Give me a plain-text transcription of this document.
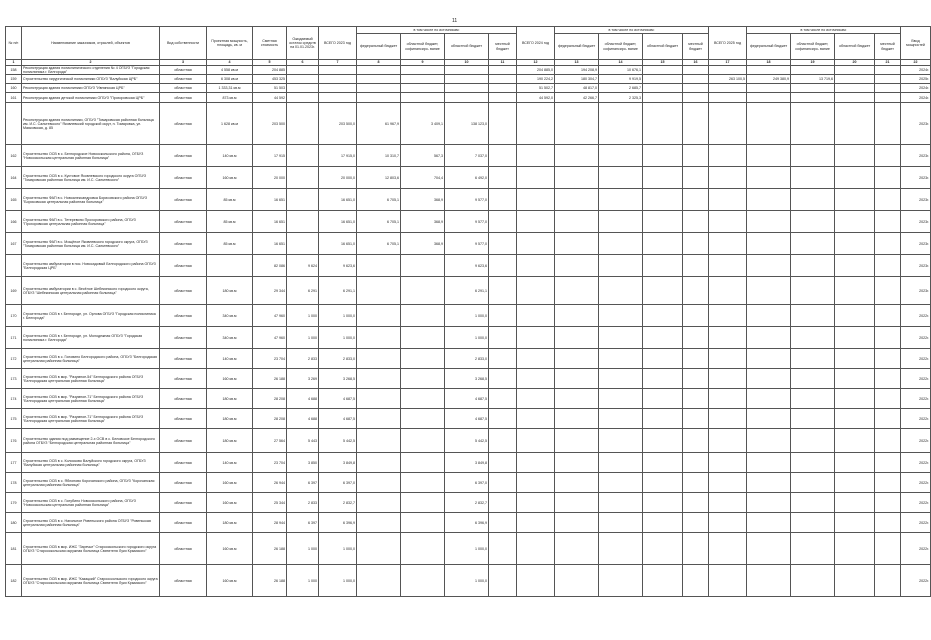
11
№ п/п	Наименование заказчиков, отраслей, объектов	Вид собственности	Проектная мощность, площадь, кв. м	Сметная стоимость	Ожидаемый остаток средств на 01.01.2023г.	ВСЕГО 2023 год	в том числе по источникам:				ВСЕГО 2024 год	в том числе по источникам:				ВСЕГО 2025 год	в том числе по источникам:				Ввод мощностей
							федеральный бюджет	областной бюджет, софинансиро- вание	областной бюджет	местный бюджет		федеральный бюджет	областной бюджет, софинансиро- вание	областной бюджет	местный бюджет		федеральный бюджет	областной бюджет, софинансиро- вание	областной бюджет	местный бюджет	
1	2	3	4	5	6	7	8	9	10	11	12	13	14	15	16	17	18	19	20	21	22
158	Реконструкция здания поликлинического отделения № 4 ОГБУЗ "Городская поликлиника г. Белгорода"	областная	4 558 кв.м	204 885							204 885,0	194 208,9	10 676,1								2024г.
159	Строительство хирургической поликлиники ОГБУЗ "Валуйская ЦРБ"	областная	6 308 кв.м	453 325							190 224,2	180 304,7	9 919,5			263 100,5	249 380,9	13 719,6			2025г.
160	Реконструкция здания поликлиники ОГБУЗ "Ивнянская ЦРБ"	областная	1 333,31 кв.м	51 503							51 502,7	48 817,0	2 685,7								2024г.
161	Реконструкция здания детской поликлиники ОГБУЗ "Прохоровская ЦРБ"	областная	873 кв.м	44 592							44 592,0	42 266,7	2 325,3								2024г.
	Реконструкция здания поликлиники, ОГБУЗ "Томаровская районная больница им. И.С. Сальтевского" Яковлевский городской округ, п. Томаровка, ул. Маяковская, д. 85	областная	1 628 кв.м	203 500		203 500,0	61 967,9	3 409,1	138 123,0												2023г.
162	Строительство ОСВ в с. Белгородское Новооскольского района, ОГБУЗ "Новооскольская центральная районная больница"	областная	140 кв.м	17 915		17 915,0	10 310,7	567,3	7 037,0												2023г.
164	Строительство ОСВ в с. Кустовое Яковлевского городского округа ОГБУЗ "Томаровская районная больница им. И.С. Сальтевского"	областная	160 кв.м	20 000		20 000,0	12 803,6	704,4	6 492,0												2023г.
165	Строительство ФАП в с. Новоалександровка Борисовского района ОГБУЗ "Борисовская центральная районная больница"	областная	85 кв.м	16 651		16 651,0	6 705,1	368,9	9 577,0												2023г.
166	Строительство ФАП в с. Тетеревино Прохоровского района, ОГБУЗ "Прохоровская центральная районная больница"	областная	85 кв.м	16 651		16 651,0	6 705,1	368,9	9 577,0												2023г.
167	Строительство ФАП в с. Мощёное Яковлевского городского округа, ОГБУЗ "Томаровская районная больница им. И.С. Сальтевского"	областная	85 кв.м	16 651		16 651,0	6 705,1	368,9	9 577,0												2023г.
	Строительство амбулатории в пос. Новосадовый Белгородского района ОГБУЗ "Белгородская ЦРБ"	областная		82 086	9 624	9 623,6			9 623,6												2023г.
169	Строительство амбулатории в с. Весёлое Шебекинского городского округа, ОГБУЗ "Шебекинская центральная районная больница"	областная	180 кв.м	29 344	6 291	6 291,1			6 291,1												2023г.
170	Строительство ОСВ в г. Белгороде, ул. Орлова ОГБУЗ "Городская поликлиника г. Белгорода"	областная	340 кв.м	47 960	1 000	1 000,0			1 000,0												2022г.
171	Строительство ОСВ в г. Белгороде, ул. Молодежная ОГБУЗ "Городская поликлиника г. Белгорода"	областная	340 кв.м	47 960	1 000	1 000,0			1 000,0												2022г.
172	Строительство ОСВ в с. Головино Белгородского района, ОГБУЗ "Белгородская центральная районная больница"	областная	140 кв.м	23 704	2 833	2 833,0			2 833,0												2022г.
173	Строительство ОСВ в мкр. "Разумное-54" Белгородского района ОГБУЗ "Белгородская центральная районная больница"	областная	160 кв.м	26 188	3 269	3 268,5			3 268,5												2022г.
174	Строительство ОСВ в мкр. "Разумное-71" Белгородского района ОГБУЗ "Белгородская центральная районная больница"	областная	180 кв.м	28 208	4 688	4 687,5			4 687,5												2022г.
175	Строительство ОСВ в мкр. "Разумное-71" Белгородского района ОГБУЗ "Белгородская центральная районная больница"	областная	180 кв.м	28 208	4 688	4 687,5			4 687,5												2022г.
176	Строительство здания под размещение 2-х ОСВ в с. Беловское Белгородского района ОГБУЗ "Белгородская центральная районная больница"	областная	180 кв.м	27 564	5 443	5 442,5			5 442,5												2022г.
177	Строительство ОСВ в с. Колосково Валуйского городского округа, ОГБУЗ "Валуйская центральная районная больница"	областная	140 кв.м	23 704	3 850	3 849,8			3 849,8												2022г.
178	Строительство ОСВ в с. Яблоново Корочанского района, ОГБУЗ "Корочанская центральная районная больница"	областная	160 кв.м	26 944	6 397	6 397,0			6 397,0												2022г.
179	Строительство ОСВ в с. Голубино Новооскольского района, ОГБУЗ "Новооскольская центральная районная больница"	областная	160 кв.м	25 344	2 833	2 832,7			2 832,7												2022г.
180	Строительство ОСВ в с. Нагольное Ровеньского района ОГБУЗ "Ровеньская центральная районная больница"	областная	180 кв.м	28 944	6 397	6 396,9			6 396,9												2022г.
181	Строительство ОСВ в мкр. ИЖС "Заречье" Старооскольского городского округа ОГБУЗ "Старооскольская окружная больница Святителя Луки Крымского"	областная	160 кв.м	26 188	1 000	1 000,0			1 000,0												2022г.
182	Строительство ОСВ в мкр. ИЖС "Казацкий" Старооскольского городского округа ОГБУЗ "Старооскольская окружная больница Святителя Луки Крымского"	областная	160 кв.м	26 188	1 000	1 000,0			1 000,0												2022г.
